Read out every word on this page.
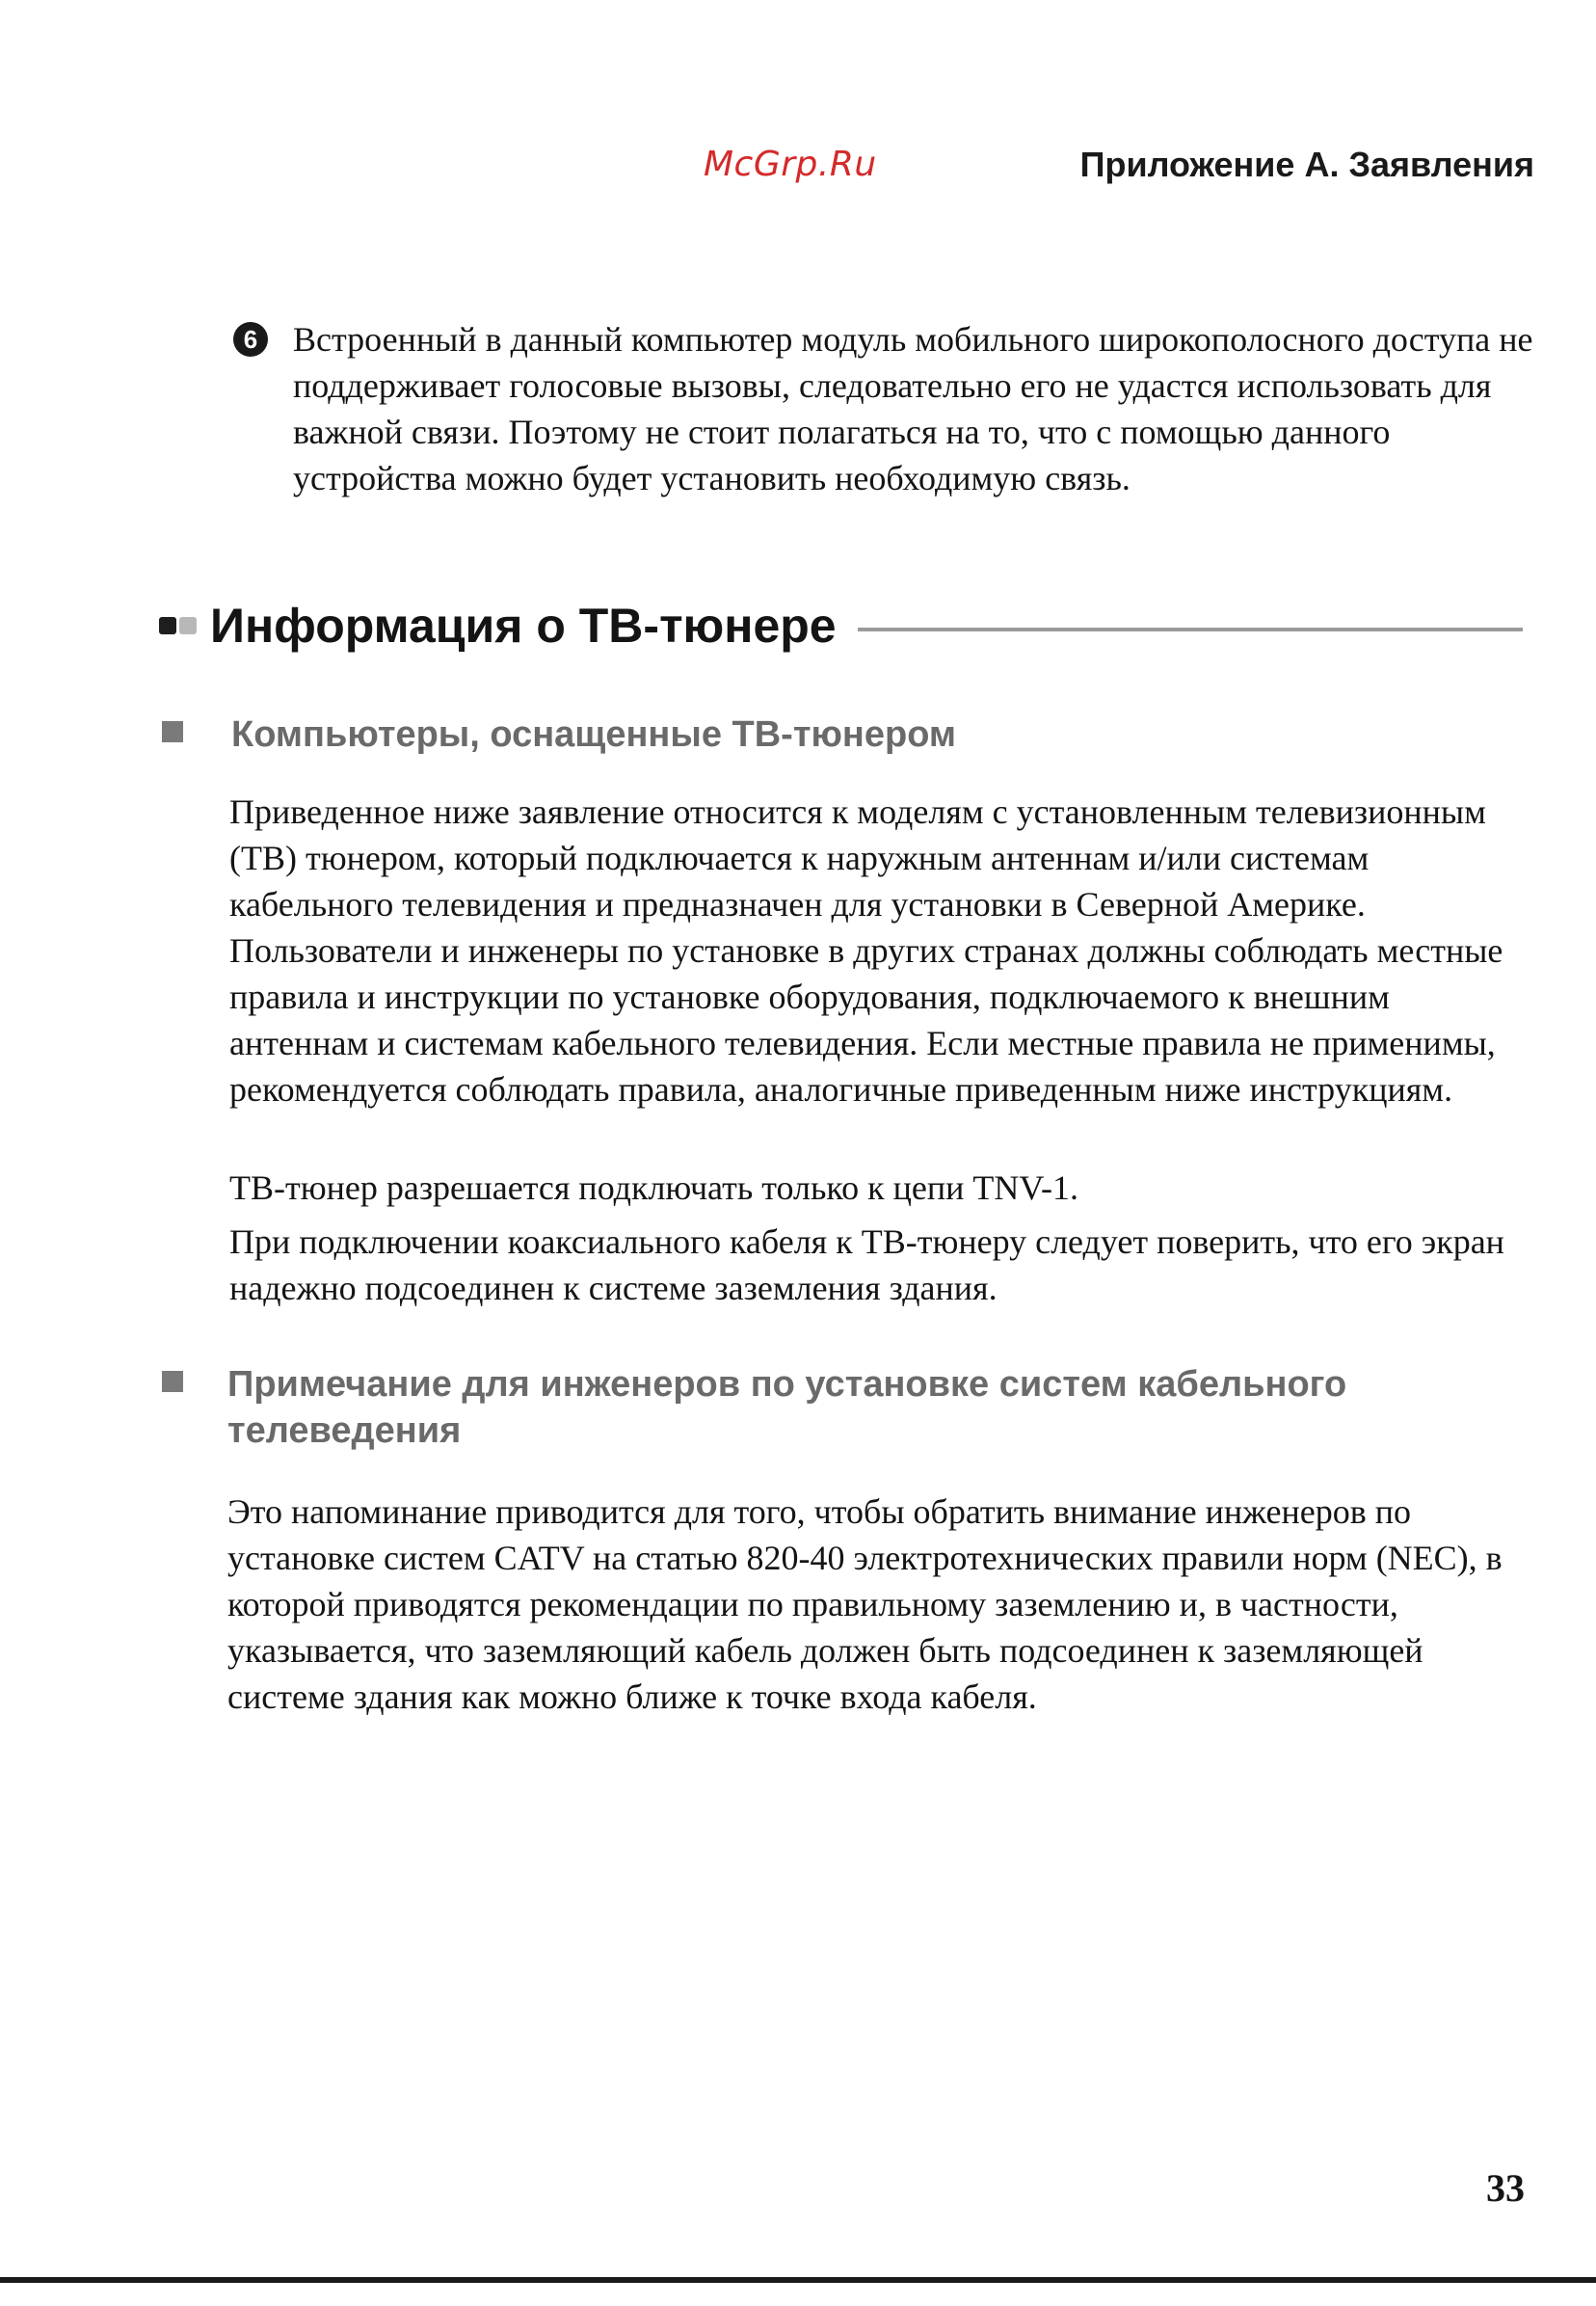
Приложение А. Заявления
McGrp.Ru
6 Встроенный в данный компьютер модуль мобильного широкополосного доступа не поддерживает голосовые вызовы, следовательно его не удастся использовать для важной связи. Поэтому не стоит полагаться на то, что с помощью данного устройства можно будет установить необходимую связь.
Информация о ТВ-тюнере
Компьютеры, оснащенные ТВ-тюнером

Приведенное ниже заявление относится к моделям с установленным телевизионным (ТВ) тюнером, который подключается к наружным антеннам и/или системам кабельного телевидения и предназначен для установки в Северной Америке. Пользователи и инженеры по установке в других странах должны соблюдать местные правила и инструкции по установке оборудования, подключаемого к внешним антеннам и системам кабельного телевидения. Если местные правила не применимы, рекомендуется соблюдать правила, аналогичные приведенным ниже инструкциям.

ТВ-тюнер разрешается подключать только к цепи TNV-1.

При подключении коаксиального кабеля к ТВ-тюнеру следует поверить, что его экран надежно подсоединен к системе заземления здания.

Примечание для инженеров по установке систем кабельного телеведения

Это напоминание приводится для того, чтобы обратить внимание инженеров по установке систем CATV на статью 820-40 электротехнических правили норм (NEC), в которой приводятся рекомендации по правильному заземлению и, в частности, указывается, что заземляющий кабель должен быть подсоединен к заземляющей системе здания как можно ближе к точке входа кабеля.

33
